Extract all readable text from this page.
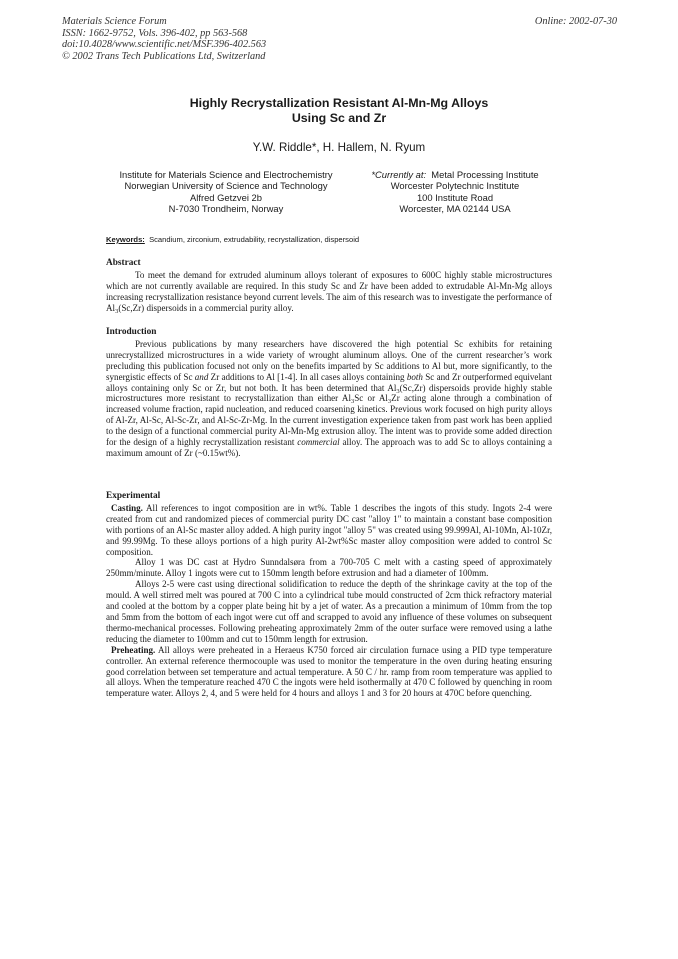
Materials Science Forum
ISSN: 1662-9752, Vols. 396-402, pp 563-568
doi:10.4028/www.scientific.net/MSF.396-402.563
© 2002 Trans Tech Publications Ltd, Switzerland
Online: 2002-07-30
Highly Recrystallization Resistant Al-Mn-Mg Alloys
Using Sc and Zr
Y.W. Riddle*, H. Hallem, N. Ryum
Institute for Materials Science and Electrochemistry
Norwegian University of Science and Technology
Alfred Getzvei 2b
N-7030 Trondheim, Norway
*Currently at: Metal Processing Institute
Worcester Polytechnic Institute
100 Institute Road
Worcester, MA 02144 USA
Keywords: Scandium, zirconium, extrudability, recrystallization, dispersoid
Abstract

To meet the demand for extruded aluminum alloys tolerant of exposures to 600C highly stable microstructures which are not currently available are required. In this study Sc and Zr have been added to extrudable Al-Mn-Mg alloys increasing recrystallization resistance beyond current levels. The aim of this research was to investigate the performance of $Al_3(Sc,Zr)$ dispersoids in a commercial purity alloy.

Introduction

Previous publications by many researchers have discovered the high potential Sc exhibits for retaining unrecrystallized microstructures in a wide variety of wrought aluminum alloys. One of the current researcher’s work precluding this publication focused not only on the benefits imparted by Sc additions to Al but, more significantly, to the synergistic effects of Sc and Zr additions to Al [1-4]. In all cases alloys containing both Sc and Zr outperformed equivelant alloys containing only Sc or Zr, but not both. It has been determined that $Al_3(Sc,Zr)$ dispersoids provide highly stable microstructures more resistant to recrystallization than either $Al_3Sc$ or $Al_3Zr$ acting alone through a combination of increased volume fraction, rapid nucleation, and reduced coarsening kinetics. Previous work focused on high purity alloys of Al-Zr, Al-Sc, Al-Sc-Zr, and Al-Sc-Zr-Mg. In the current investigation experience taken from past work has been applied to the design of a functional commercial purity Al-Mn-Mg extrusion alloy. The intent was to provide some added direction for the design of a highly recrystallization resistant commercial alloy. The approach was to add Sc to alloys containing a maximum amount of Zr (~0.15wt%).

Experimental

Casting. All references to ingot composition are in wt%. Table 1 describes the ingots of this study. Ingots 2-4 were created from cut and randomized pieces of commercial purity DC cast "alloy 1" to maintain a constant base composition with portions of an Al-Sc master alloy added. A high purity ingot "alloy 5" was created using 99.999Al, Al-10Mn, Al-10Zr, and 99.99Mg. To these alloys portions of a high purity Al-2wt%Sc master alloy composition were added to control Sc composition.

Alloy 1 was DC cast at Hydro Sunndalsøra from a 700-705 C melt with a casting speed of approximately 250mm/minute. Alloy 1 ingots were cut to 150mm length before extrusion and had a diameter of 100mm.

Alloys 2-5 were cast using directional solidification to reduce the depth of the shrinkage cavity at the top of the mould. A well stirred melt was poured at 700 C into a cylindrical tube mould constructed of 2cm thick refractory material and cooled at the bottom by a copper plate being hit by a jet of water. As a precaution a minimum of 10mm from the top and 5mm from the bottom of each ingot were cut off and scrapped to avoid any influence of these volumes on subsequent thermo-mechanical processes. Following preheating approximately 2mm of the outer surface were removed using a lathe reducing the diameter to 100mm and cut to 150mm length for extrusion.

Preheating. All alloys were preheated in a Heraeus K750 forced air circulation furnace using a PID type temperature controller. An external reference thermocouple was used to monitor the temperature in the oven during heating ensuring good correlation between set temperature and actual temperature. A 50 C / hr. ramp from room temperature was applied to all alloys. When the temperature reached 470 C the ingots were held isothermally at 470 C followed by quenching in room temperature water. Alloys 2, 4, and 5 were held for 4 hours and alloys 1 and 3 for 20 hours at 470C before quenching.
